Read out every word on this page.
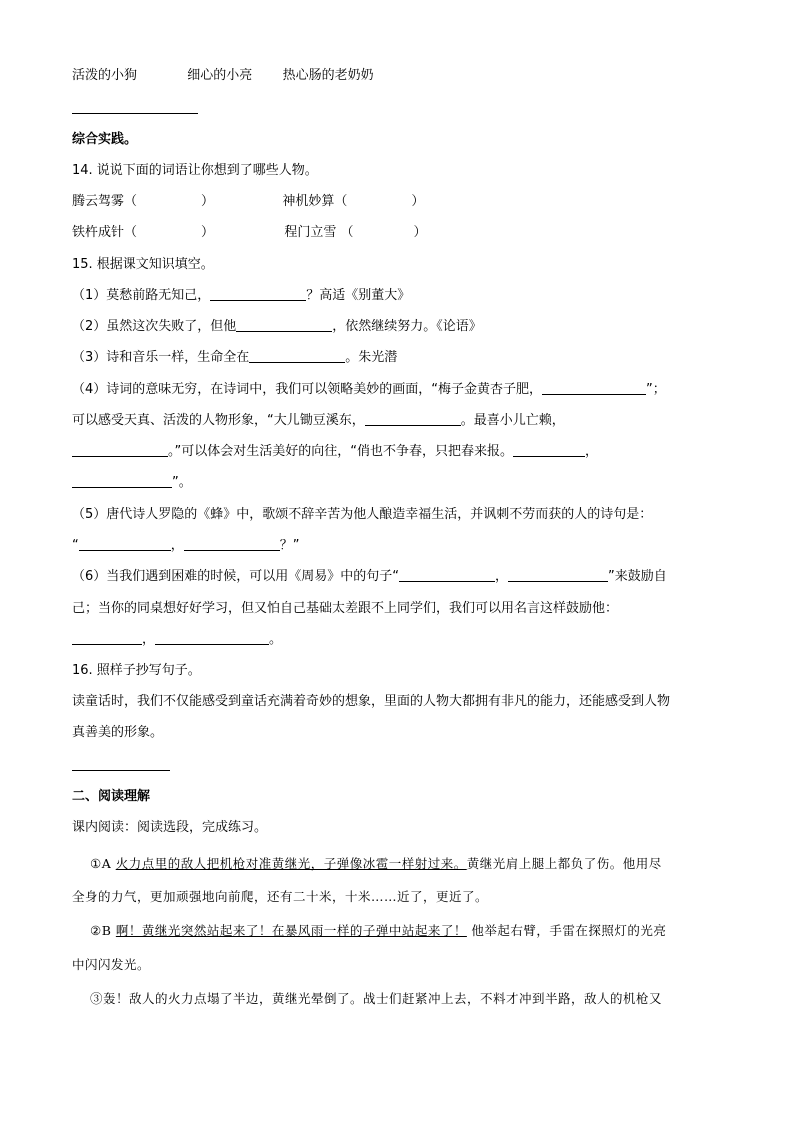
活泼的小狗	细心的小亮 热心肠的老奶奶
综合实践。
14. 说说下面的词语让你想到了哪些人物。
腾云驾雾（	）	神机妙算（	）
铁杵成针（	）	程门立雪 （	）
15. 根据课文知识填空。
（1）莫愁前路无知己，	？高适《别董大》
（2）虽然这次失败了，但他	，依然继续努力。《论语》
（3）诗和音乐一样，生命全在	。朱光潜
（4）诗词的意味无穷，在诗词中，我们可以领略美妙的画面，“梅子金黄杏子肥，	”；
可以感受天真、活泼的人物形象，“大儿锄豆溪东，	。最喜小儿亡赖，
。”可以体会对生活美好的向往，“俏也不争春，只把春来报。	，
”。
（5）唐代诗人罗隐的《蜂》中，歌颂不辞辛苦为他人酿造幸福生活，并讽刺不劳而获的人的诗句是：
“	，	？”
（6）当我们遇到困难的时候，可以用《周易》中的句子“	，	”来鼓励自
己；当你的同桌想好好学习，但又怕自己基础太差跟不上同学们，我们可以用名言这样鼓励他：
，	。
16. 照样子抄写句子。
读童话时，我们不仅能感受到童话充满着奇妙的想象，里面的人物大都拥有非凡的能力，还能感受到人物
真善美的形象。
二、阅读理解
课内阅读：阅读选段，完成练习。
①A 火力点里的敌人把机枪对准黄继光，子弹像冰雹一样射过来。黄继光肩上腿上都负了伤。他用尽
全身的力气，更加顽强地向前爬，还有二十米，十米……近了，更近了。
②B 啊！黄继光突然站起来了！在暴风雨一样的子弹中站起来了！ 他举起右臂，手雷在探照灯的光亮
中闪闪发光。
③轰！敌人的火力点塌了半边，黄继光晕倒了。战士们赶紧冲上去，不料才冲到半路，敌人的机枪又
